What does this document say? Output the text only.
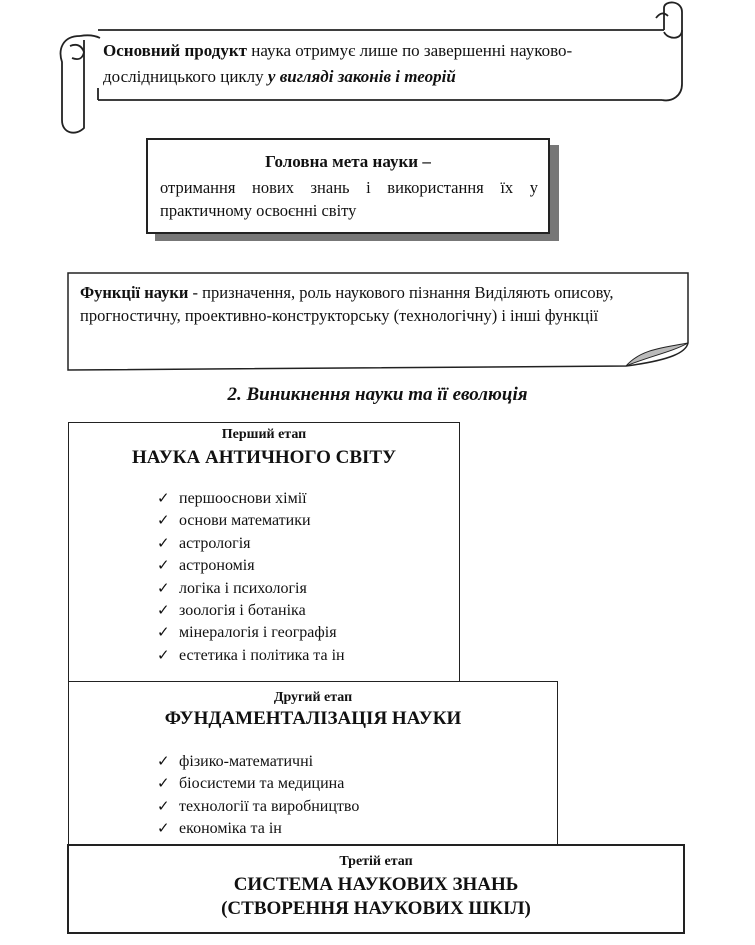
Основний продукт наука отримує лише по завершенні науково-дослідницького циклу у вигляді законів і теорій
Головна мета науки –
отримання нових знань і використання їх у практичному освоєнні світу
Функції науки - призначення, роль наукового пізнання Виділяють описову, прогностичну, проективно-конструкторську (технологічну) і інші функції
2. Виникнення науки та її еволюція
Перший етап
НАУКА АНТИЧНОГО СВІТУ
✓ першооснови хімії
✓ основи математики
✓ астрологія
✓ астрономія
✓ логіка і психологія
✓ зоологія і ботаніка
✓ мінералогія і географія
✓ естетика і політика та ін
Другий етап
ФУНДАМЕНТАЛІЗАЦІЯ НАУКИ
✓ фізико-математичні
✓ біосистеми та медицина
✓ технології та виробництво
✓ економіка та ін
Третій етап
СИСТЕМА НАУКОВИХ ЗНАНЬ
(СТВОРЕННЯ НАУКОВИХ ШКІЛ)
